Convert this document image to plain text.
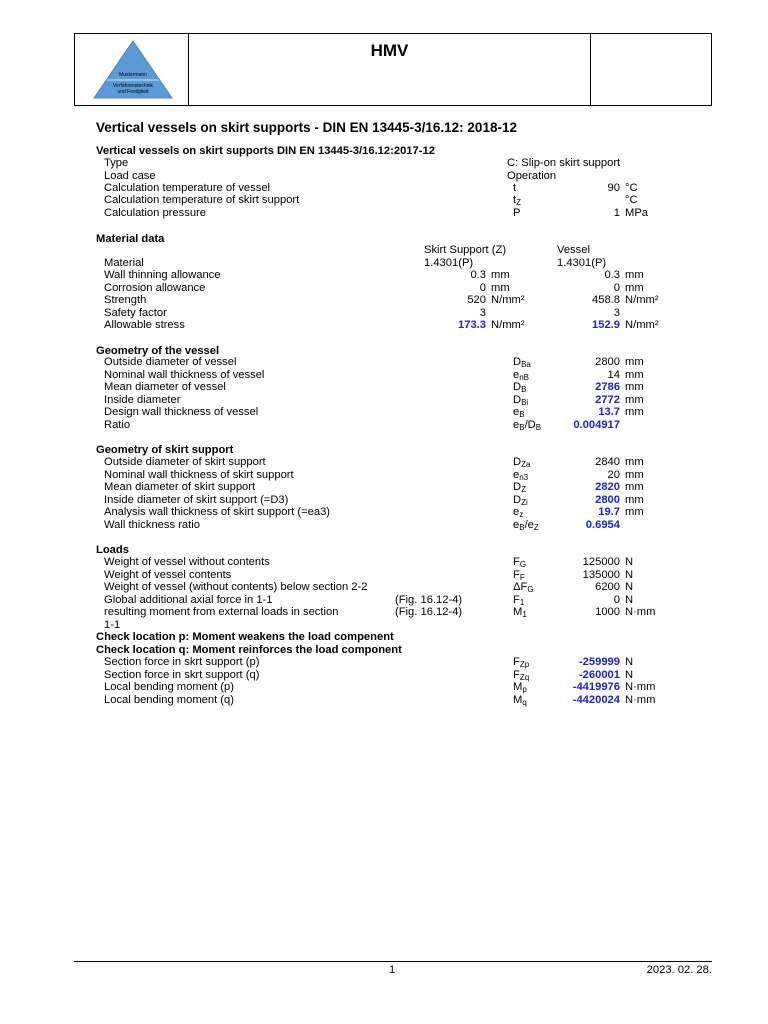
Mustermann
Verfahrenstechnik
und Festigkeit
HMV
Vertical vessels on skirt supports - DIN EN 13445-3/16.12: 2018-12
Vertical vessels on skirt supports DIN EN 13445-3/16.12:2017-12
Type	C: Slip-on skirt support
Load case	Operation
Calculation temperature of vessel	t	90 °C
Calculation temperature of skirt support	$t_Z$	°C
Calculation pressure	P	1 MPa
Material data
Skirt Support (Z)	Vessel
Material	1.4301(P)	1.4301(P)
Wall thinning allowance	0.3 mm	0.3 mm
Corrosion allowance	0 mm	0 mm
Strength	520 N/mm²	458.8 N/mm²
Safety factor	3	3
Allowable stress	173.3 N/mm²	152.9 N/mm²
Geometry of the vessel
Outside diameter of vessel	$D_{Ba}$	2800 mm
Nominal wall thickness of vessel	$e_{nB}$	14 mm
Mean diameter of vessel	$D_B$	2786 mm
Inside diameter	$D_{Bi}$	2772 mm
Design wall thickness of vessel	$e_B$	13.7 mm
Ratio	$e_B/D_B$	0.004917
Geometry of skirt support
Outside diameter of skirt support	$D_{Za}$	2840 mm
Nominal wall thickness of skirt support	$e_{n3}$	20 mm
Mean diameter of skirt support	$D_Z$	2820 mm
Inside diameter of skirt support (=D3)	$D_{Zi}$	2800 mm
Analysis wall thickness of skirt support (=ea3)	$e_z$	19.7 mm
Wall thickness ratio	$e_B/e_Z$	0.6954
Loads
Weight of vessel without contents	$F_G$	125000 N
Weight of vessel contents	$F_F$	135000 N
Weight of vessel (without contents) below section 2-2	$\Delta F_G$	6200 N
Global additional axial force in 1-1	(Fig. 16.12-4)	$F_1$	0 N
resulting moment from external loads in section	(Fig. 16.12-4)	$M_1$	1000 N·mm
1-1
Check location p: Moment weakens the load compenent
Check location q: Moment reinforces the load component
Section force in skrt support (p)	$F_{Zp}$	-259999 N
Section force in skrt support (q)	$F_{Zq}$	-260001 N
Local bending moment (p)	$M_p$	-4419976 N·mm
Local bending moment (q)	$M_q$	-4420024 N·mm
1	2023. 02. 28.
